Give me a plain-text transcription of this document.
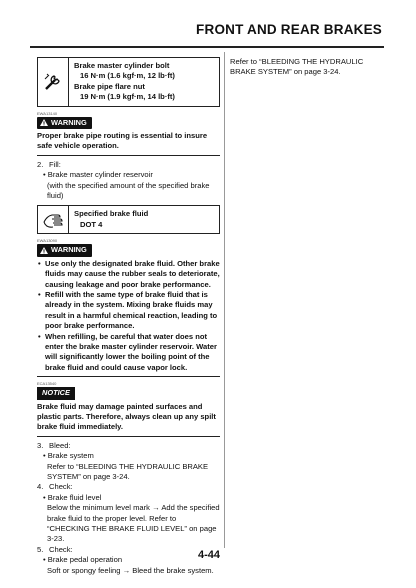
FRONT AND REAR BRAKES
Brake master cylinder bolt
16 N·m (1.6 kgf·m, 12 lb·ft)
Brake pipe flare nut
19 N·m (1.9 kgf·m, 14 lb·ft)
EWA13140
WARNING
Proper brake pipe routing is essential to insure safe vehicle operation.
2. Fill:
• Brake master cylinder reservoir
(with the specified amount of the specified brake fluid)
Specified brake fluid
DOT 4
EWA13090
WARNING
• Use only the designated brake fluid. Other brake fluids may cause the rubber seals to deteriorate, causing leakage and poor brake performance.
• Refill with the same type of brake fluid that is already in the system. Mixing brake fluids may result in a harmful chemical reaction, leading to poor brake performance.
• When refilling, be careful that water does not enter the brake master cylinder reservoir. Water will significantly lower the boiling point of the brake fluid and could cause vapor lock.
ECA13540
NOTICE
Brake fluid may damage painted surfaces and plastic parts. Therefore, always clean up any spilt brake fluid immediately.
3. Bleed:
• Brake system
Refer to “BLEEDING THE HYDRAULIC BRAKE SYSTEM” on page 3-24.
4. Check:
• Brake fluid level
Below the minimum level mark → Add the specified brake fluid to the proper level. Refer to “CHECKING THE BRAKE FLUID LEVEL” on page 3-23.
5. Check:
• Brake pedal operation
Soft or spongy feeling → Bleed the brake system.
Refer to “BLEEDING THE HYDRAULIC BRAKE SYSTEM” on page 3-24.
4-44
